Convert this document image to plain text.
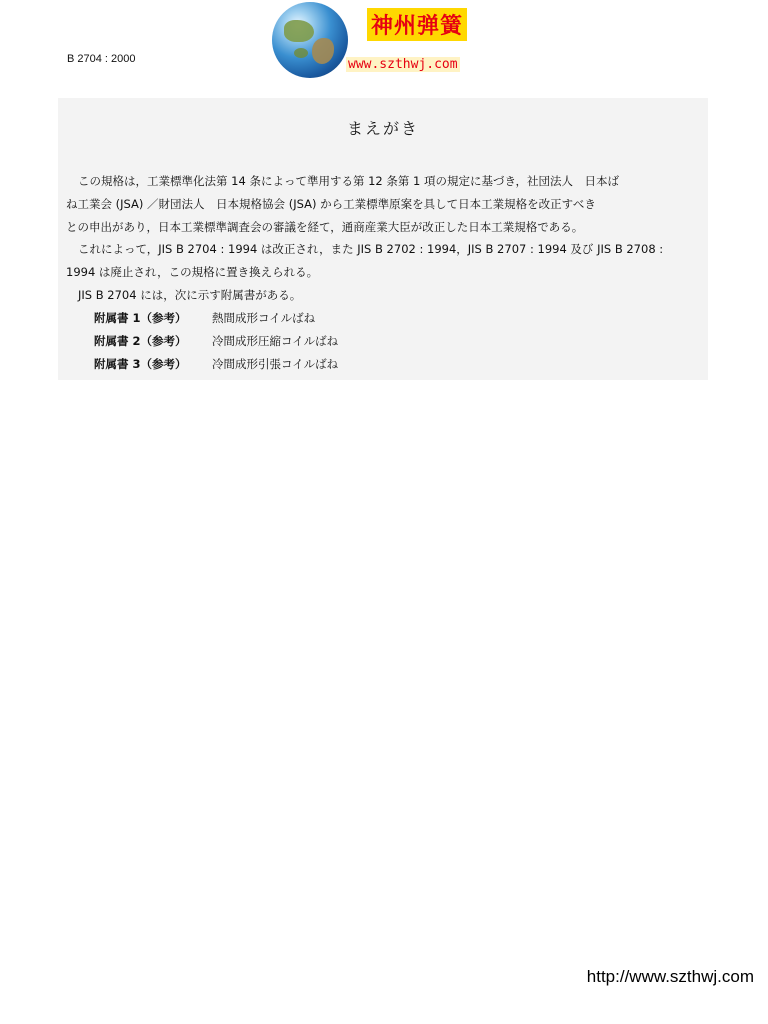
B 2704 : 2000
神州弹簧
www.szthwj.com
まえがき
この規格は，工業標準化法第 14 条によって準用する第 12 条第 1 項の規定に基づき，社団法人　日本ば
ね工業会 (JSA) ／財団法人　日本規格協会 (JSA) から工業標準原案を具して日本工業規格を改正すべき
との申出があり，日本工業標準調査会の審議を経て，通商産業大臣が改正した日本工業規格である。
これによって，JIS B 2704 : 1994 は改正され，また JIS B 2702 : 1994，JIS B 2707 : 1994 及び JIS B 2708 :
1994 は廃止され，この規格に置き換えられる。
JIS B 2704 には，次に示す附属書がある。
附属書 1（参考）	熱間成形コイルばね
附属書 2（参考）	冷間成形圧縮コイルばね
附属書 3（参考）	冷間成形引張コイルばね
http://www.szthwj.com
